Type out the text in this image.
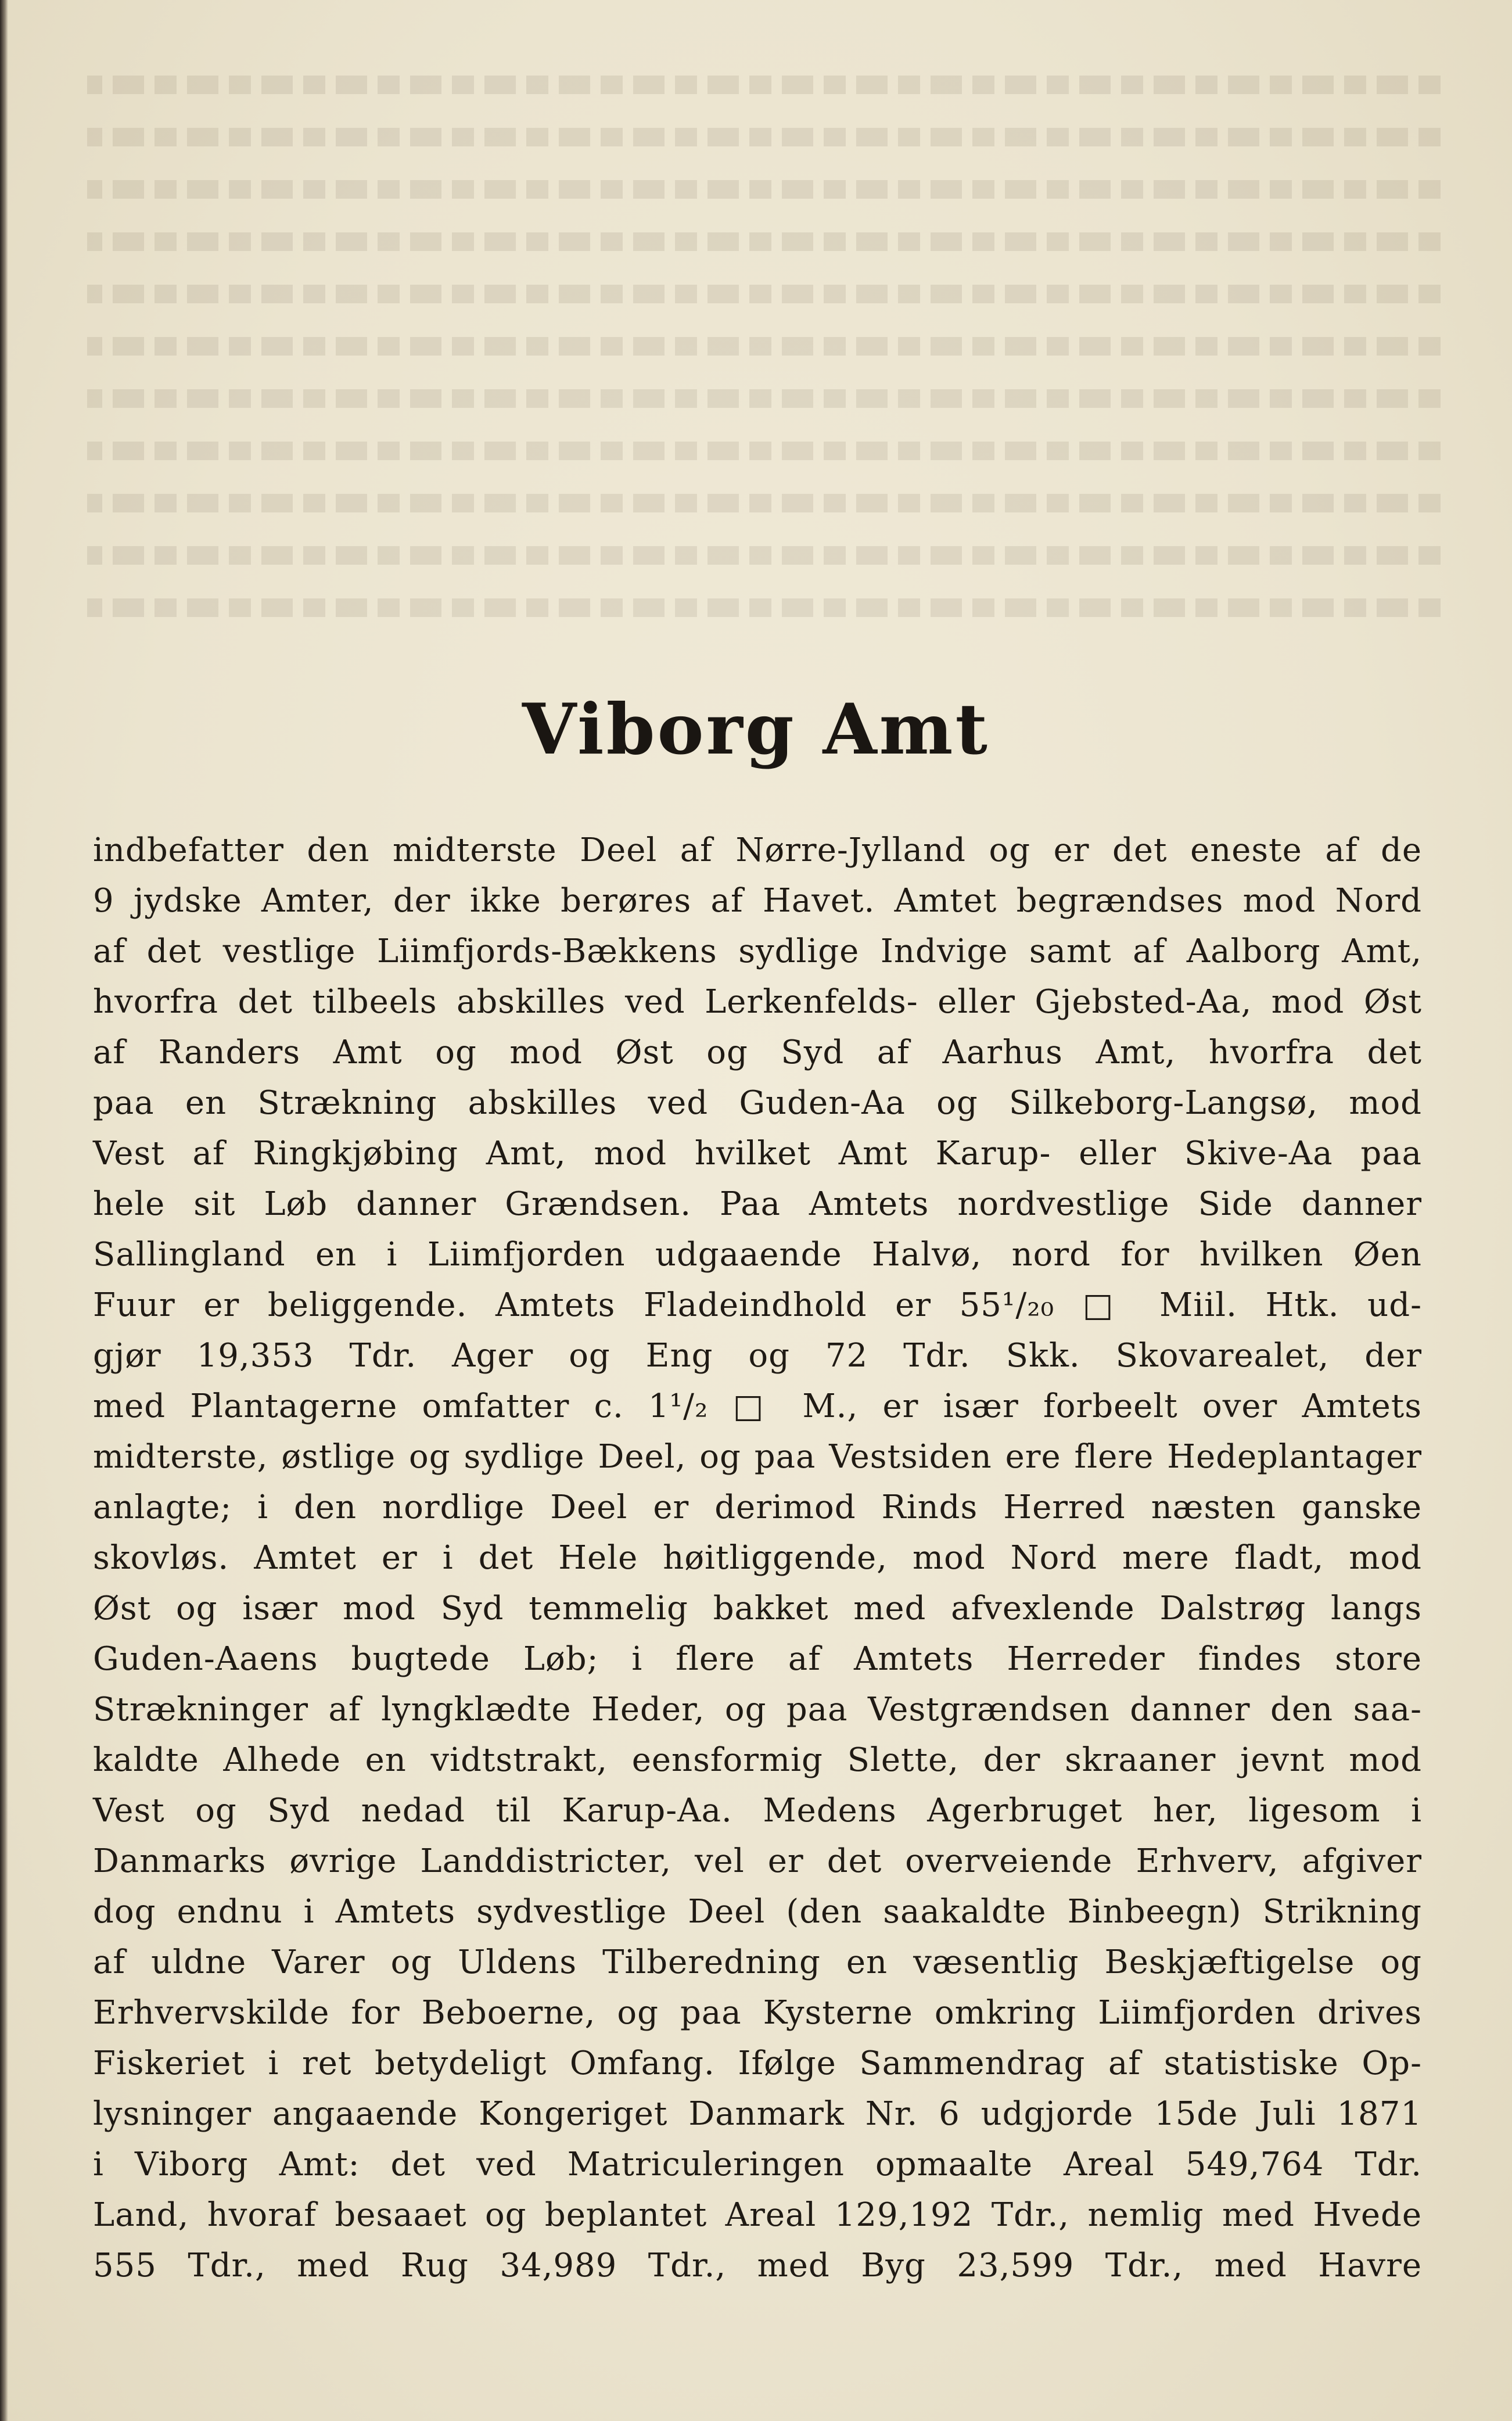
Viborg Amt
indbefatter den midterste Deel af Nørre-Jylland og er det eneste af de
9 jydske Amter, der ikke berøres af Havet. Amtet begrændses mod Nord
af det vestlige Liimfjords-Bækkens sydlige Indvige samt af Aalborg Amt,
hvorfra det tilbeels abskilles ved Lerkenfelds- eller Gjebsted-Aa, mod Øst
af Randers Amt og mod Øst og Syd af Aarhus Amt, hvorfra det
paa en Strækning abskilles ved Guden-Aa og Silkeborg-Langsø, mod
Vest af Ringkjøbing Amt, mod hvilket Amt Karup- eller Skive-Aa paa
hele sit Løb danner Grændsen. Paa Amtets nordvestlige Side danner
Sallingland en i Liimfjorden udgaaende Halvø, nord for hvilken Øen
Fuur er beliggende. Amtets Fladeindhold er 55¹/₂₀ □ Miil. Htk. ud-
gjør 19,353 Tdr. Ager og Eng og 72 Tdr. Skk. Skovarealet, der
med Plantagerne omfatter c. 1¹/₂ □ M., er især forbeelt over Amtets
midterste, østlige og sydlige Deel, og paa Vestsiden ere flere Hedeplantager
anlagte; i den nordlige Deel er derimod Rinds Herred næsten ganske
skovløs. Amtet er i det Hele høitliggende, mod Nord mere fladt, mod
Øst og især mod Syd temmelig bakket med afvexlende Dalstrøg langs
Guden-Aaens bugtede Løb; i flere af Amtets Herreder findes store
Strækninger af lyngklædte Heder, og paa Vestgrændsen danner den saa-
kaldte Alhede en vidtstrakt, eensformig Slette, der skraaner jevnt mod
Vest og Syd nedad til Karup-Aa. Medens Agerbruget her, ligesom i
Danmarks øvrige Landdistricter, vel er det overveiende Erhverv, afgiver
dog endnu i Amtets sydvestlige Deel (den saakaldte Binbeegn) Strikning
af uldne Varer og Uldens Tilberedning en væsentlig Beskjæftigelse og
Erhvervskilde for Beboerne, og paa Kysterne omkring Liimfjorden drives
Fiskeriet i ret betydeligt Omfang. Ifølge Sammendrag af statistiske Op-
lysninger angaaende Kongeriget Danmark Nr. 6 udgjorde 15de Juli 1871
i Viborg Amt: det ved Matriculeringen opmaalte Areal 549,764 Tdr.
Land, hvoraf besaaet og beplantet Areal 129,192 Tdr., nemlig med Hvede
555 Tdr., med Rug 34,989 Tdr., med Byg 23,599 Tdr., med Havre
